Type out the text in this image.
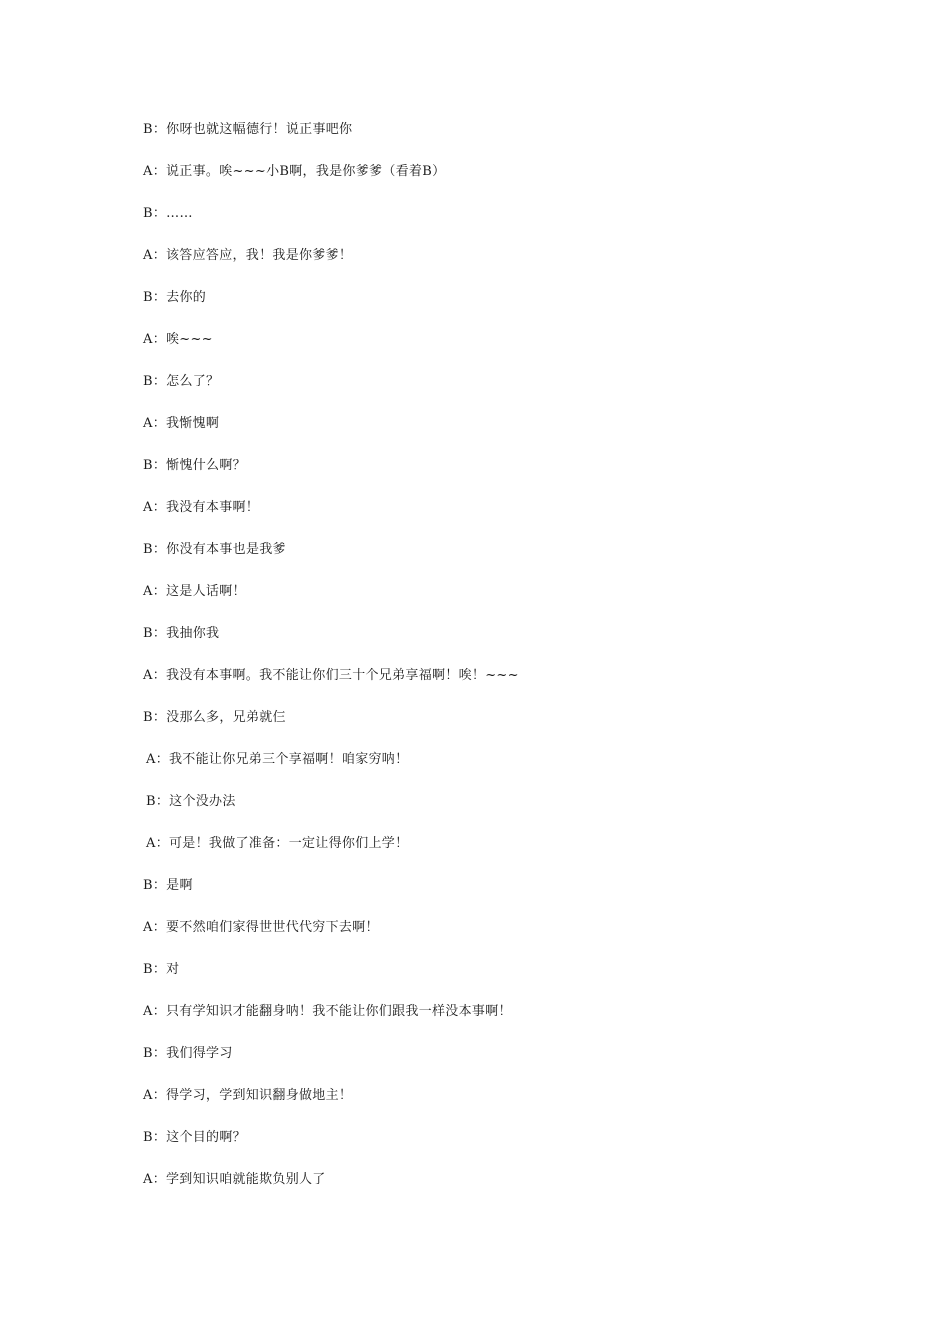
B：你呀也就这幅德行！说正事吧你
A：说正事。唉~~~小B啊，我是你爹爹（看着B）
B：……
A：该答应答应，我！我是你爹爹！
B：去你的
A：唉~~~
B：怎么了？
A：我惭愧啊
B：惭愧什么啊？
A：我没有本事啊！
B：你没有本事也是我爹
A：这是人话啊！
B：我抽你我
A：我没有本事啊。我不能让你们三十个兄弟享福啊！唉！~~~
B：没那么多，兄弟就仨
A：我不能让你兄弟三个享福啊！咱家穷呐！
B：这个没办法
A：可是！我做了准备：一定让得你们上学！
B：是啊
A：要不然咱们家得世世代代穷下去啊！
B：对
A：只有学知识才能翻身呐！我不能让你们跟我一样没本事啊！
B：我们得学习
A：得学习，学到知识翻身做地主！
B：这个目的啊？
A：学到知识咱就能欺负别人了
